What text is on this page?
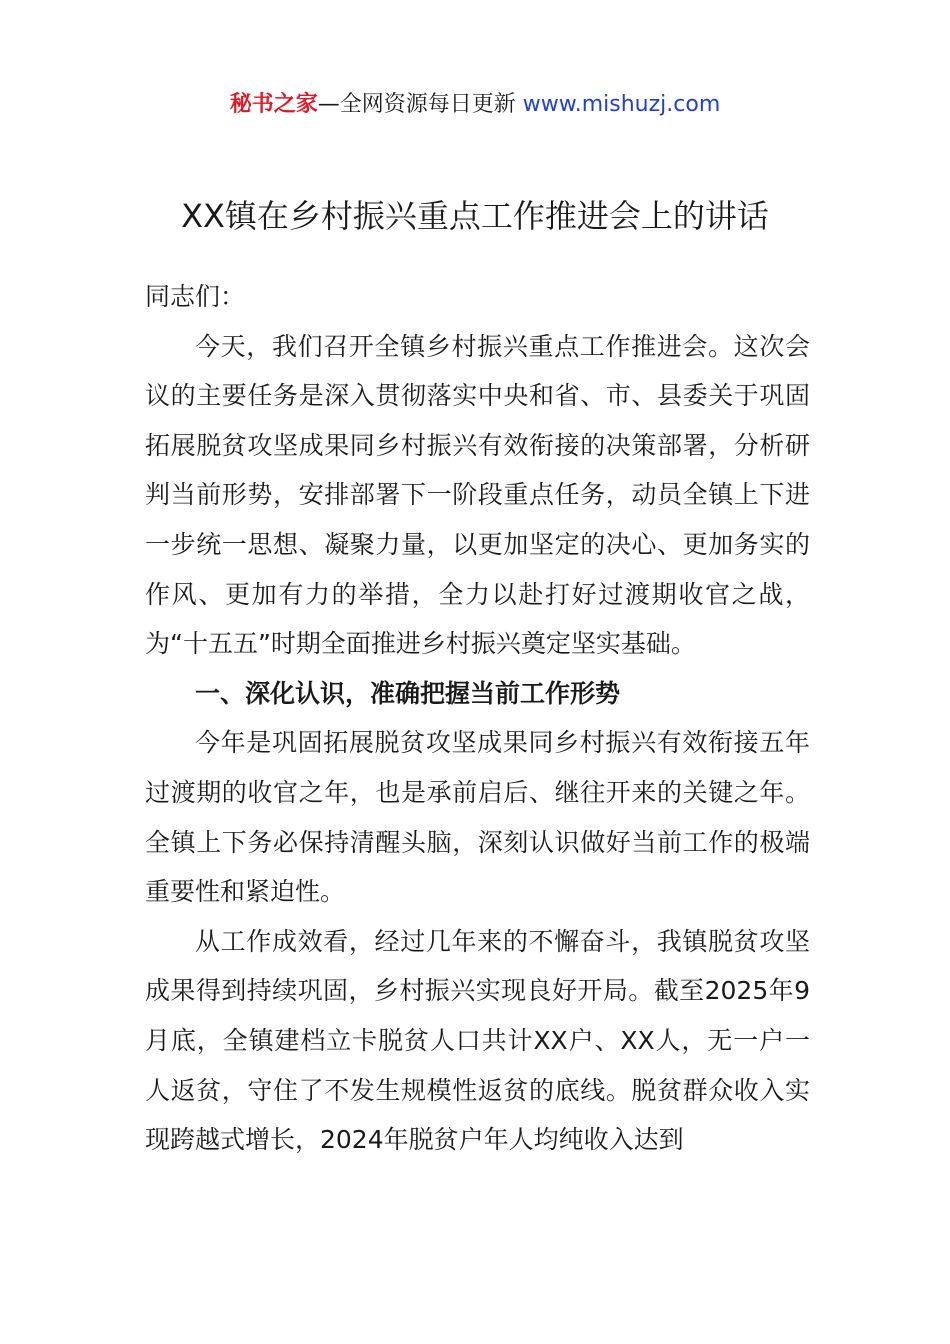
秘书之家—全网资源每日更新 www.mishuzj.com
XX镇在乡村振兴重点工作推进会上的讲话

同志们：

今天，我们召开全镇乡村振兴重点工作推进会。这次会议的主要任务是深入贯彻落实中央和省、市、县委关于巩固拓展脱贫攻坚成果同乡村振兴有效衔接的决策部署，分析研判当前形势，安排部署下一阶段重点任务，动员全镇上下进一步统一思想、凝聚力量，以更加坚定的决心、更加务实的作风、更加有力的举措，全力以赴打好过渡期收官之战，为“十五五”时期全面推进乡村振兴奠定坚实基础。

一、深化认识，准确把握当前工作形势

今年是巩固拓展脱贫攻坚成果同乡村振兴有效衔接五年过渡期的收官之年，也是承前启后、继往开来的关键之年。全镇上下务必保持清醒头脑，深刻认识做好当前工作的极端重要性和紧迫性。

从工作成效看，经过几年来的不懈奋斗，我镇脱贫攻坚成果得到持续巩固，乡村振兴实现良好开局。截至2025年9月底，全镇建档立卡脱贫人口共计XX户、XX人，无一户一人返贫，守住了不发生规模性返贫的底线。脱贫群众收入实现跨越式增长，2024年脱贫户年人均纯收入达到
